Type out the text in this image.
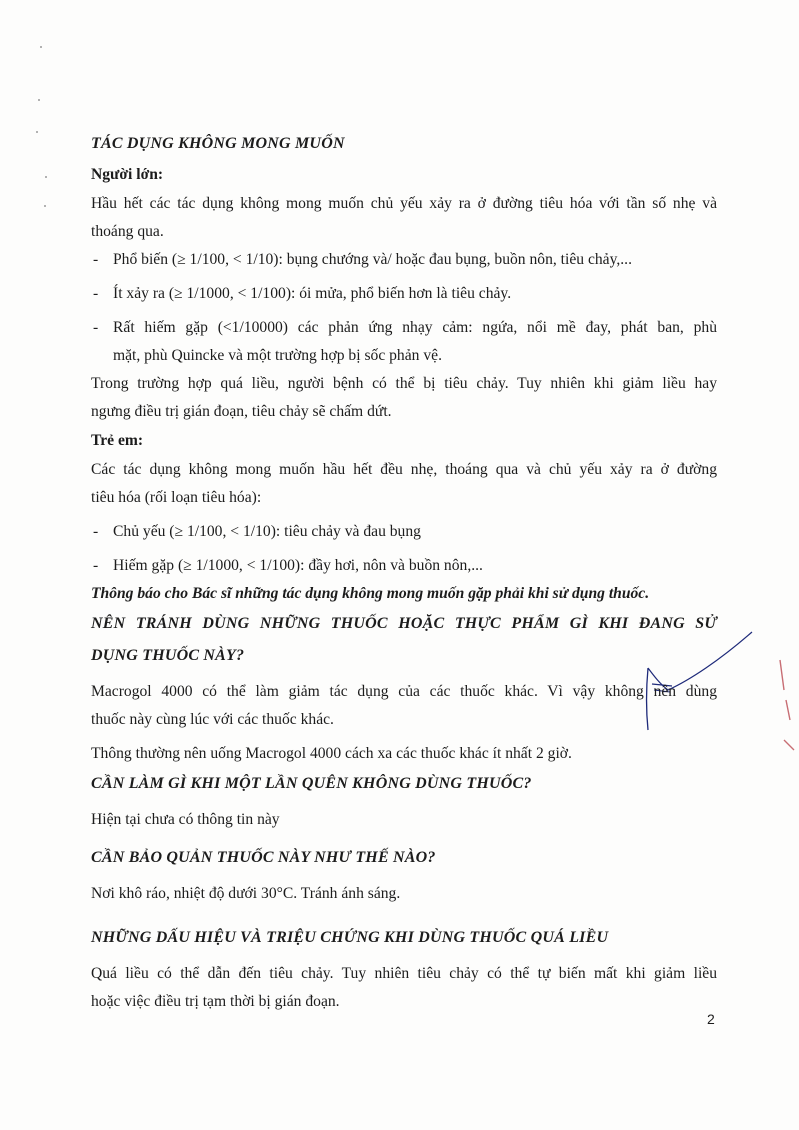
TÁC DỤNG KHÔNG MONG MUỐN
Người lớn:
Hầu hết các tác dụng không mong muốn chủ yếu xảy ra ở đường tiêu hóa với tần số nhẹ và
thoáng qua.
- Phổ biến (≥ 1/100, < 1/10): bụng chướng và/ hoặc đau bụng, buồn nôn, tiêu chảy,...
- Ít xảy ra (≥ 1/1000, < 1/100): ói mửa, phổ biến hơn là tiêu chảy.
- Rất hiếm gặp (<1/10000) các phản ứng nhạy cảm: ngứa, nổi mề đay, phát ban, phù
mặt, phù Quincke và một trường hợp bị sốc phản vệ.
Trong trường hợp quá liều, người bệnh có thể bị tiêu chảy. Tuy nhiên khi giảm liều hay
ngưng điều trị gián đoạn, tiêu chảy sẽ chấm dứt.
Trẻ em:
Các tác dụng không mong muốn hầu hết đều nhẹ, thoáng qua và chủ yếu xảy ra ở đường
tiêu hóa (rối loạn tiêu hóa):
- Chủ yếu (≥ 1/100, < 1/10): tiêu chảy và đau bụng
- Hiếm gặp (≥ 1/1000, < 1/100): đầy hơi, nôn và buồn nôn,...
Thông báo cho Bác sĩ những tác dụng không mong muốn gặp phải khi sử dụng thuốc.
NÊN TRÁNH DÙNG NHỮNG THUỐC HOẶC THỰC PHẨM GÌ KHI ĐANG SỬ
DỤNG THUỐC NÀY?
Macrogol 4000 có thể làm giảm tác dụng của các thuốc khác. Vì vậy không nên dùng
thuốc này cùng lúc với các thuốc khác.
Thông thường nên uống Macrogol 4000 cách xa các thuốc khác ít nhất 2 giờ.
CẦN LÀM GÌ KHI MỘT LẦN QUÊN KHÔNG DÙNG THUỐC?
Hiện tại chưa có thông tin này
CẦN BẢO QUẢN THUỐC NÀY NHƯ THẾ NÀO?
Nơi khô ráo, nhiệt độ dưới 30°C. Tránh ánh sáng.
NHỮNG DẤU HIỆU VÀ TRIỆU CHỨNG KHI DÙNG THUỐC QUÁ LIỀU
Quá liều có thể dẫn đến tiêu chảy. Tuy nhiên tiêu chảy có thể tự biến mất khi giảm liều
hoặc việc điều trị tạm thời bị gián đoạn.
2
